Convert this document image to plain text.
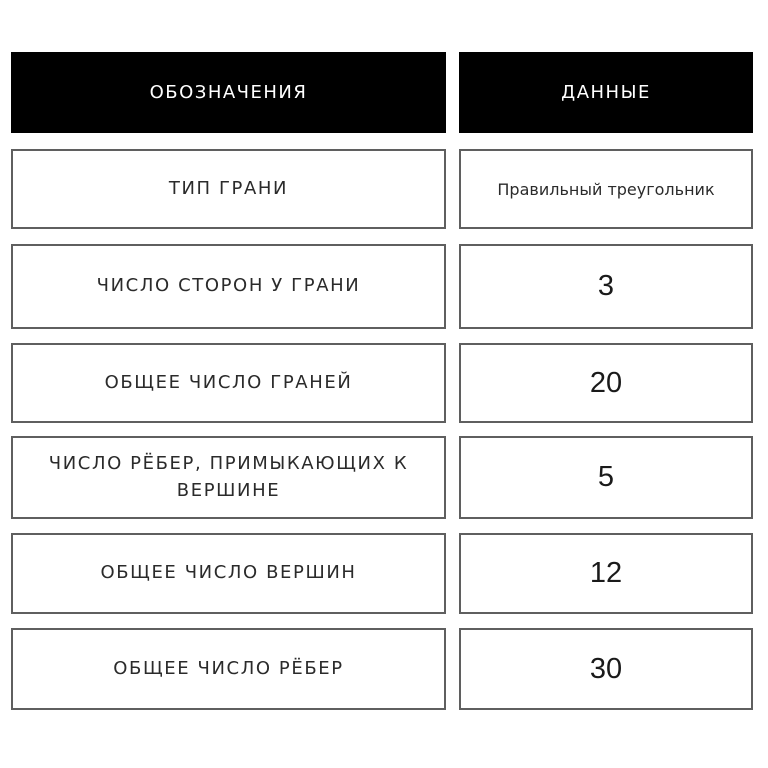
ОБОЗНАЧЕНИЯ	ДАННЫЕ
ТИП ГРАНИ	Правильный треугольник
ЧИСЛО СТОРОН У ГРАНИ	3
ОБЩЕЕ ЧИСЛО ГРАНЕЙ	20
ЧИСЛО РЁБЕР, ПРИМЫКАЮЩИХ К ВЕРШИНЕ	5
ОБЩЕЕ ЧИСЛО ВЕРШИН	12
ОБЩЕЕ ЧИСЛО РЁБЕР	30
